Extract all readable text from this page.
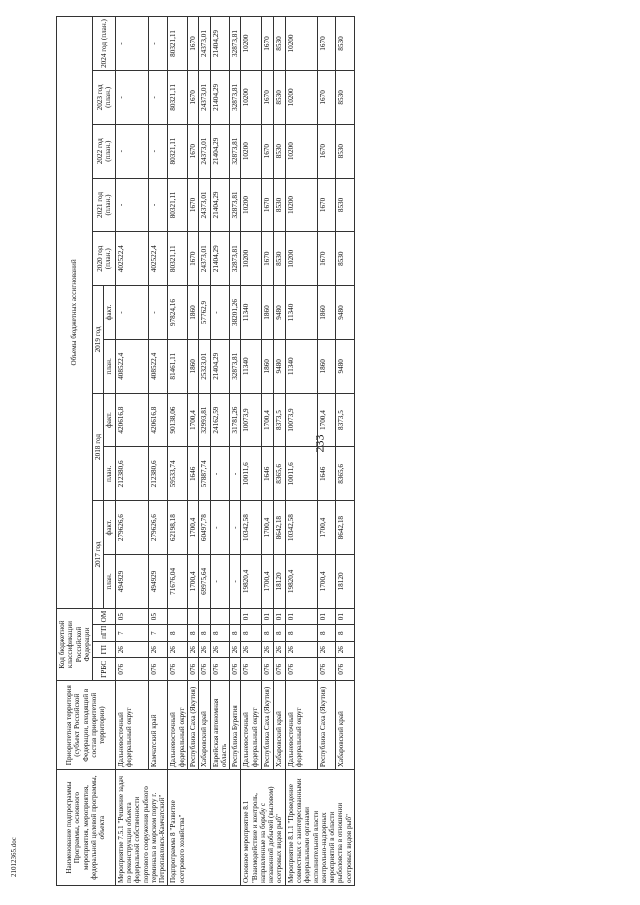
233
21012365.doc	Наименование подпрограммы Программы, основного мероприятия, мероприятия, федеральной целевой программы, объекта	Приоритетная территория (субъект Российской Федерации, входящий в состав приоритетной территории)	Код бюджетной классификации Российской Федерации				Объемы бюджетных ассигнований										
		ГРБС	ГП	пГП	ОМ	2017 год		2018 год		2019 год		2020 год (план.)	2021 год (план.)	2022 год (план.)	2023 год (план.)	2024 год (план.)
						план.	факт.	план.	факт.	план.	факт.					
Мероприятие 7.5.1 "Решение задач по реконструкции объекта федеральной собственности портового сооружения рыбного терминала в морском порту г. Петропавловск-Камчатский"	Дальневосточный федеральный округ	076	26	7	05	494929	279626,6	212380,6	420616,8	408522,4	-	402522,4	-	-	-	-
	Камчатский край	076	26	7	05	494929	279626,6	212380,6	420616,8	408522,4	-	402522,4	-	-	-	-
Подпрограмма 8 "Развитие осетрового хозяйства"	Дальневосточный федеральный округ	076	26	8		71676,04	62198,18	59533,74	90138,06	81461,11	97824,16	80321,11	80321,11	80321,11	80321,11	80321,11
	Республика Саха (Якутия)	076	26	8		1700,4	1700,4	1646	1700,4	1860	1860	1670	1670	1670	1670	1670
	Хабаровский край	076	26	8		69975,64	60497,78	57887,74	32993,81	25323,01	57762,9	24373,01	24373,01	24373,01	24373,01	24373,01
	Еврейская автономная область	076	26	8		-	-	-	24162,59	21404,29	-	21404,29	21404,29	21404,29	21404,29	21404,29
	Республика Бурятия	076	26	8		-	-	-	31781,26	32873,81	38201,26	32873,81	32873,81	32873,81	32873,81	32873,81
Основное мероприятие 8.1 "Взаимодействие и контроль, направленные на борьбу с незаконной добычей (выловом) осетровых видов рыб"	Дальневосточный федеральный округ	076	26	8	01	19820,4	10342,58	10011,6	10073,9	11340	11340	10200	10200	10200	10200	10200
	Республика Саха (Якутия)	076	26	8	01	1700,4	1700,4	1646	1700,4	1860	1860	1670	1670	1670	1670	1670
	Хабаровский край	076	26	8	01	18120	8642,18	8365,6	8373,5	9480	9480	8530	8530	8530	8530	8530
Мероприятие 8.1.1 "Проведение совместных с заинтересованными федеральными органами исполнительной власти контрольно-надзорных мероприятий в области рыболовства в отношении осетровых видов рыб"	Дальневосточный федеральный округ	076	26	8	01	19820,4	10342,58	10011,6	10073,9	11340	11340	10200	10200	10200	10200	10200
	Республика Саха (Якутия)	076	26	8	01	1700,4	1700,4	1646	1700,4	1860	1860	1670	1670	1670	1670	1670
	Хабаровский край	076	26	8	01	18120	8642,18	8365,6	8373,5	9480	9480	8530	8530	8530	8530	8530
